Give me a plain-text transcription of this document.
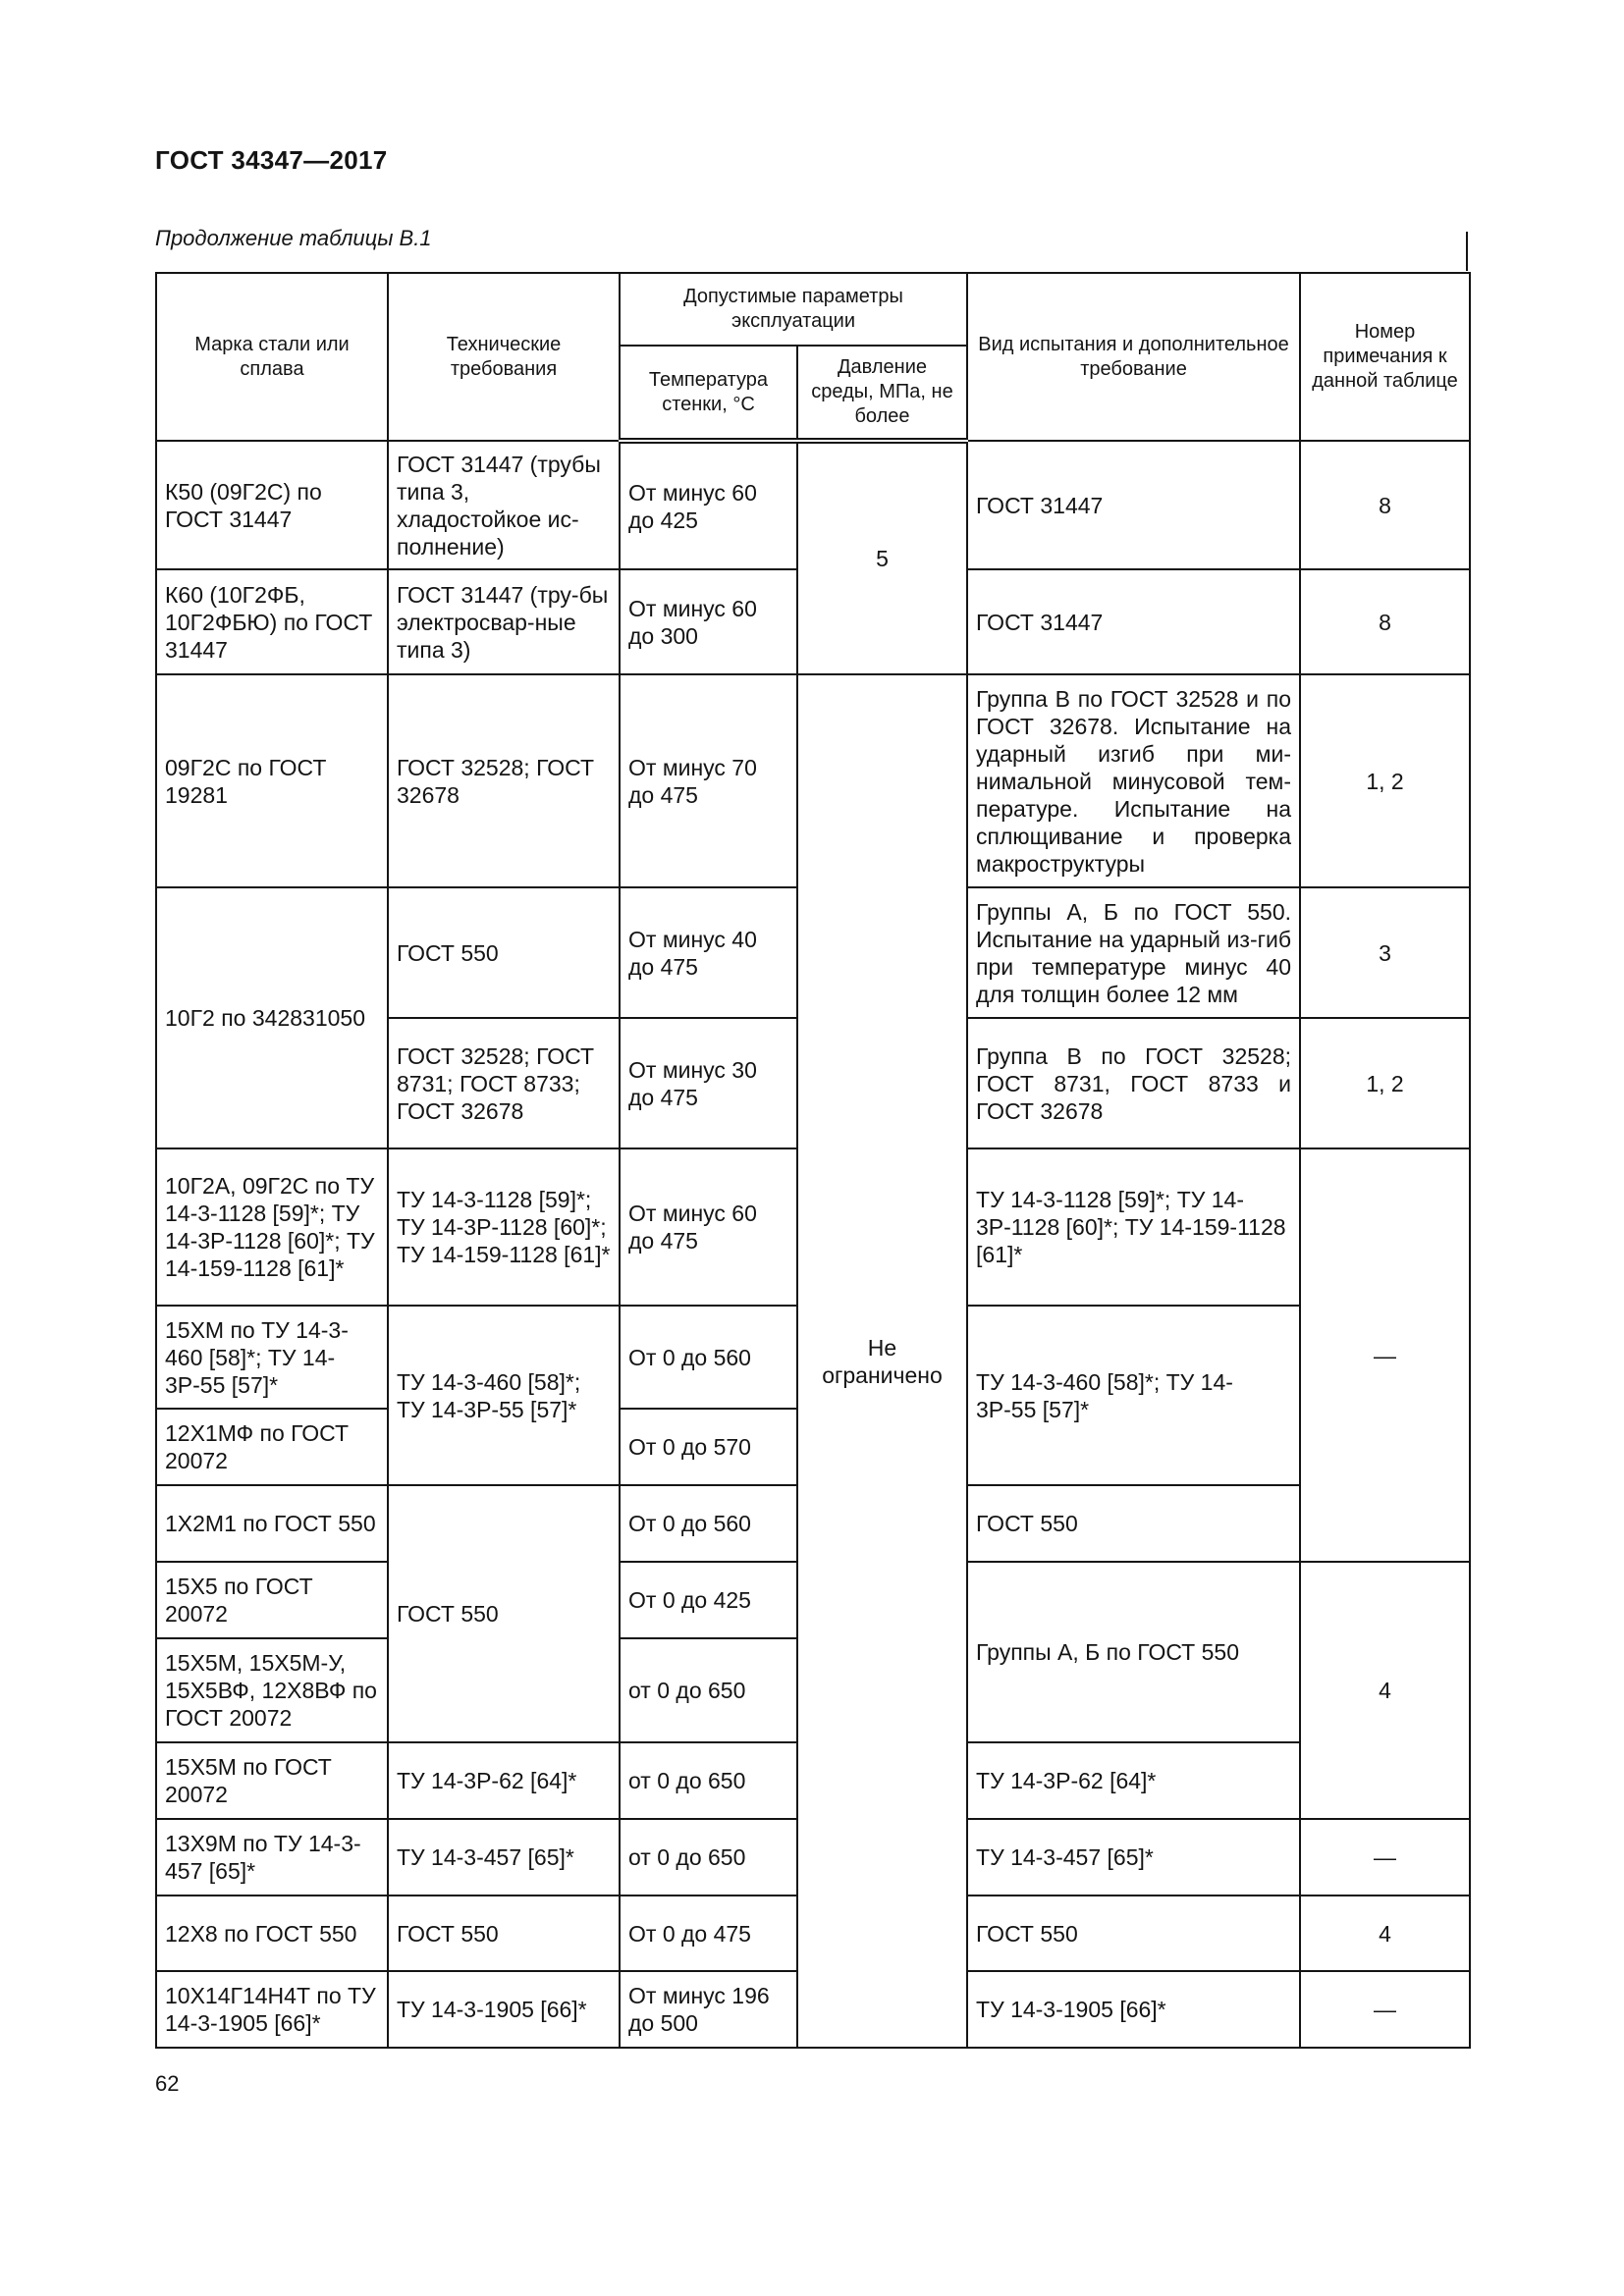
ГОСТ 34347—2017
Продолжение таблицы В.1
Марка стали или сплава	Технические требования	Допустимые параметры эксплуатации		Вид испытания и дополнительное требование	Номер примечания к данной таблице
		Температура стенки, °С	Давление среды, МПа, не более		
К50 (09Г2С) по ГОСТ 31447	ГОСТ 31447 (трубы типа 3, хладостойкое ис-полнение)	От минус 60 до 425	5	ГОСТ 31447	8
К60 (10Г2ФБ, 10Г2ФБЮ) по ГОСТ 31447	ГОСТ 31447 (тру-бы электросвар-ные типа 3)	От минус 60 до 300		ГОСТ 31447	8
09Г2С по ГОСТ 19281	ГОСТ 32528; ГОСТ 32678	От минус 70 до 475	Не ограничено	Группа В по ГОСТ 32528 и по ГОСТ 32678. Испытание на ударный изгиб при ми-нимальной минусовой тем-пературе. Испытание на сплющивание и проверка макроструктуры	1, 2
10Г2 по 342831050	ГОСТ 550	От минус 40 до 475		Группы А, Б по ГОСТ 550. Испытание на ударный из-гиб при температуре минус 40 для толщин более 12 мм	3
	ГОСТ 32528; ГОСТ 8731; ГОСТ 8733; ГОСТ 32678	От минус 30 до 475		Группа В по ГОСТ 32528; ГОСТ 8731, ГОСТ 8733 и ГОСТ 32678	1, 2
10Г2А, 09Г2С по ТУ 14-3-1128 [59]*; ТУ 14-3Р-1128 [60]*; ТУ 14-159-1128 [61]*	ТУ 14-3-1128 [59]*; ТУ 14-3Р-1128 [60]*; ТУ 14-159-1128 [61]*	От минус 60 до 475		ТУ 14-3-1128 [59]*; ТУ 14-3Р-1128 [60]*; ТУ 14-159-1128 [61]*	—
15ХМ по ТУ 14-3-460 [58]*; ТУ 14-3Р-55 [57]*	ТУ 14-3-460 [58]*; ТУ 14-3Р-55 [57]*	От 0 до 560		ТУ 14-3-460 [58]*; ТУ 14-3Р-55 [57]*	
12Х1МФ по ГОСТ 20072		От 0 до 570			
1Х2М1 по ГОСТ 550	ГОСТ 550	От 0 до 560		ГОСТ 550	
15Х5 по ГОСТ 20072		От 0 до 425		Группы А, Б по ГОСТ 550	4
15Х5М, 15Х5М-У, 15Х5ВФ, 12Х8ВФ по ГОСТ 20072		от 0 до 650			
15Х5М по ГОСТ 20072	ТУ 14-3Р-62 [64]*	от 0 до 650		ТУ 14-3Р-62 [64]*	
13Х9М по ТУ 14-3-457 [65]*	ТУ 14-3-457 [65]*	от 0 до 650		ТУ 14-3-457 [65]*	—
12Х8 по ГОСТ 550	ГОСТ 550	От 0 до 475		ГОСТ 550	4
10Х14Г14Н4Т по ТУ 14-3-1905 [66]*	ТУ 14-3-1905 [66]*	От минус 196 до 500		ТУ 14-3-1905 [66]*	—
62
